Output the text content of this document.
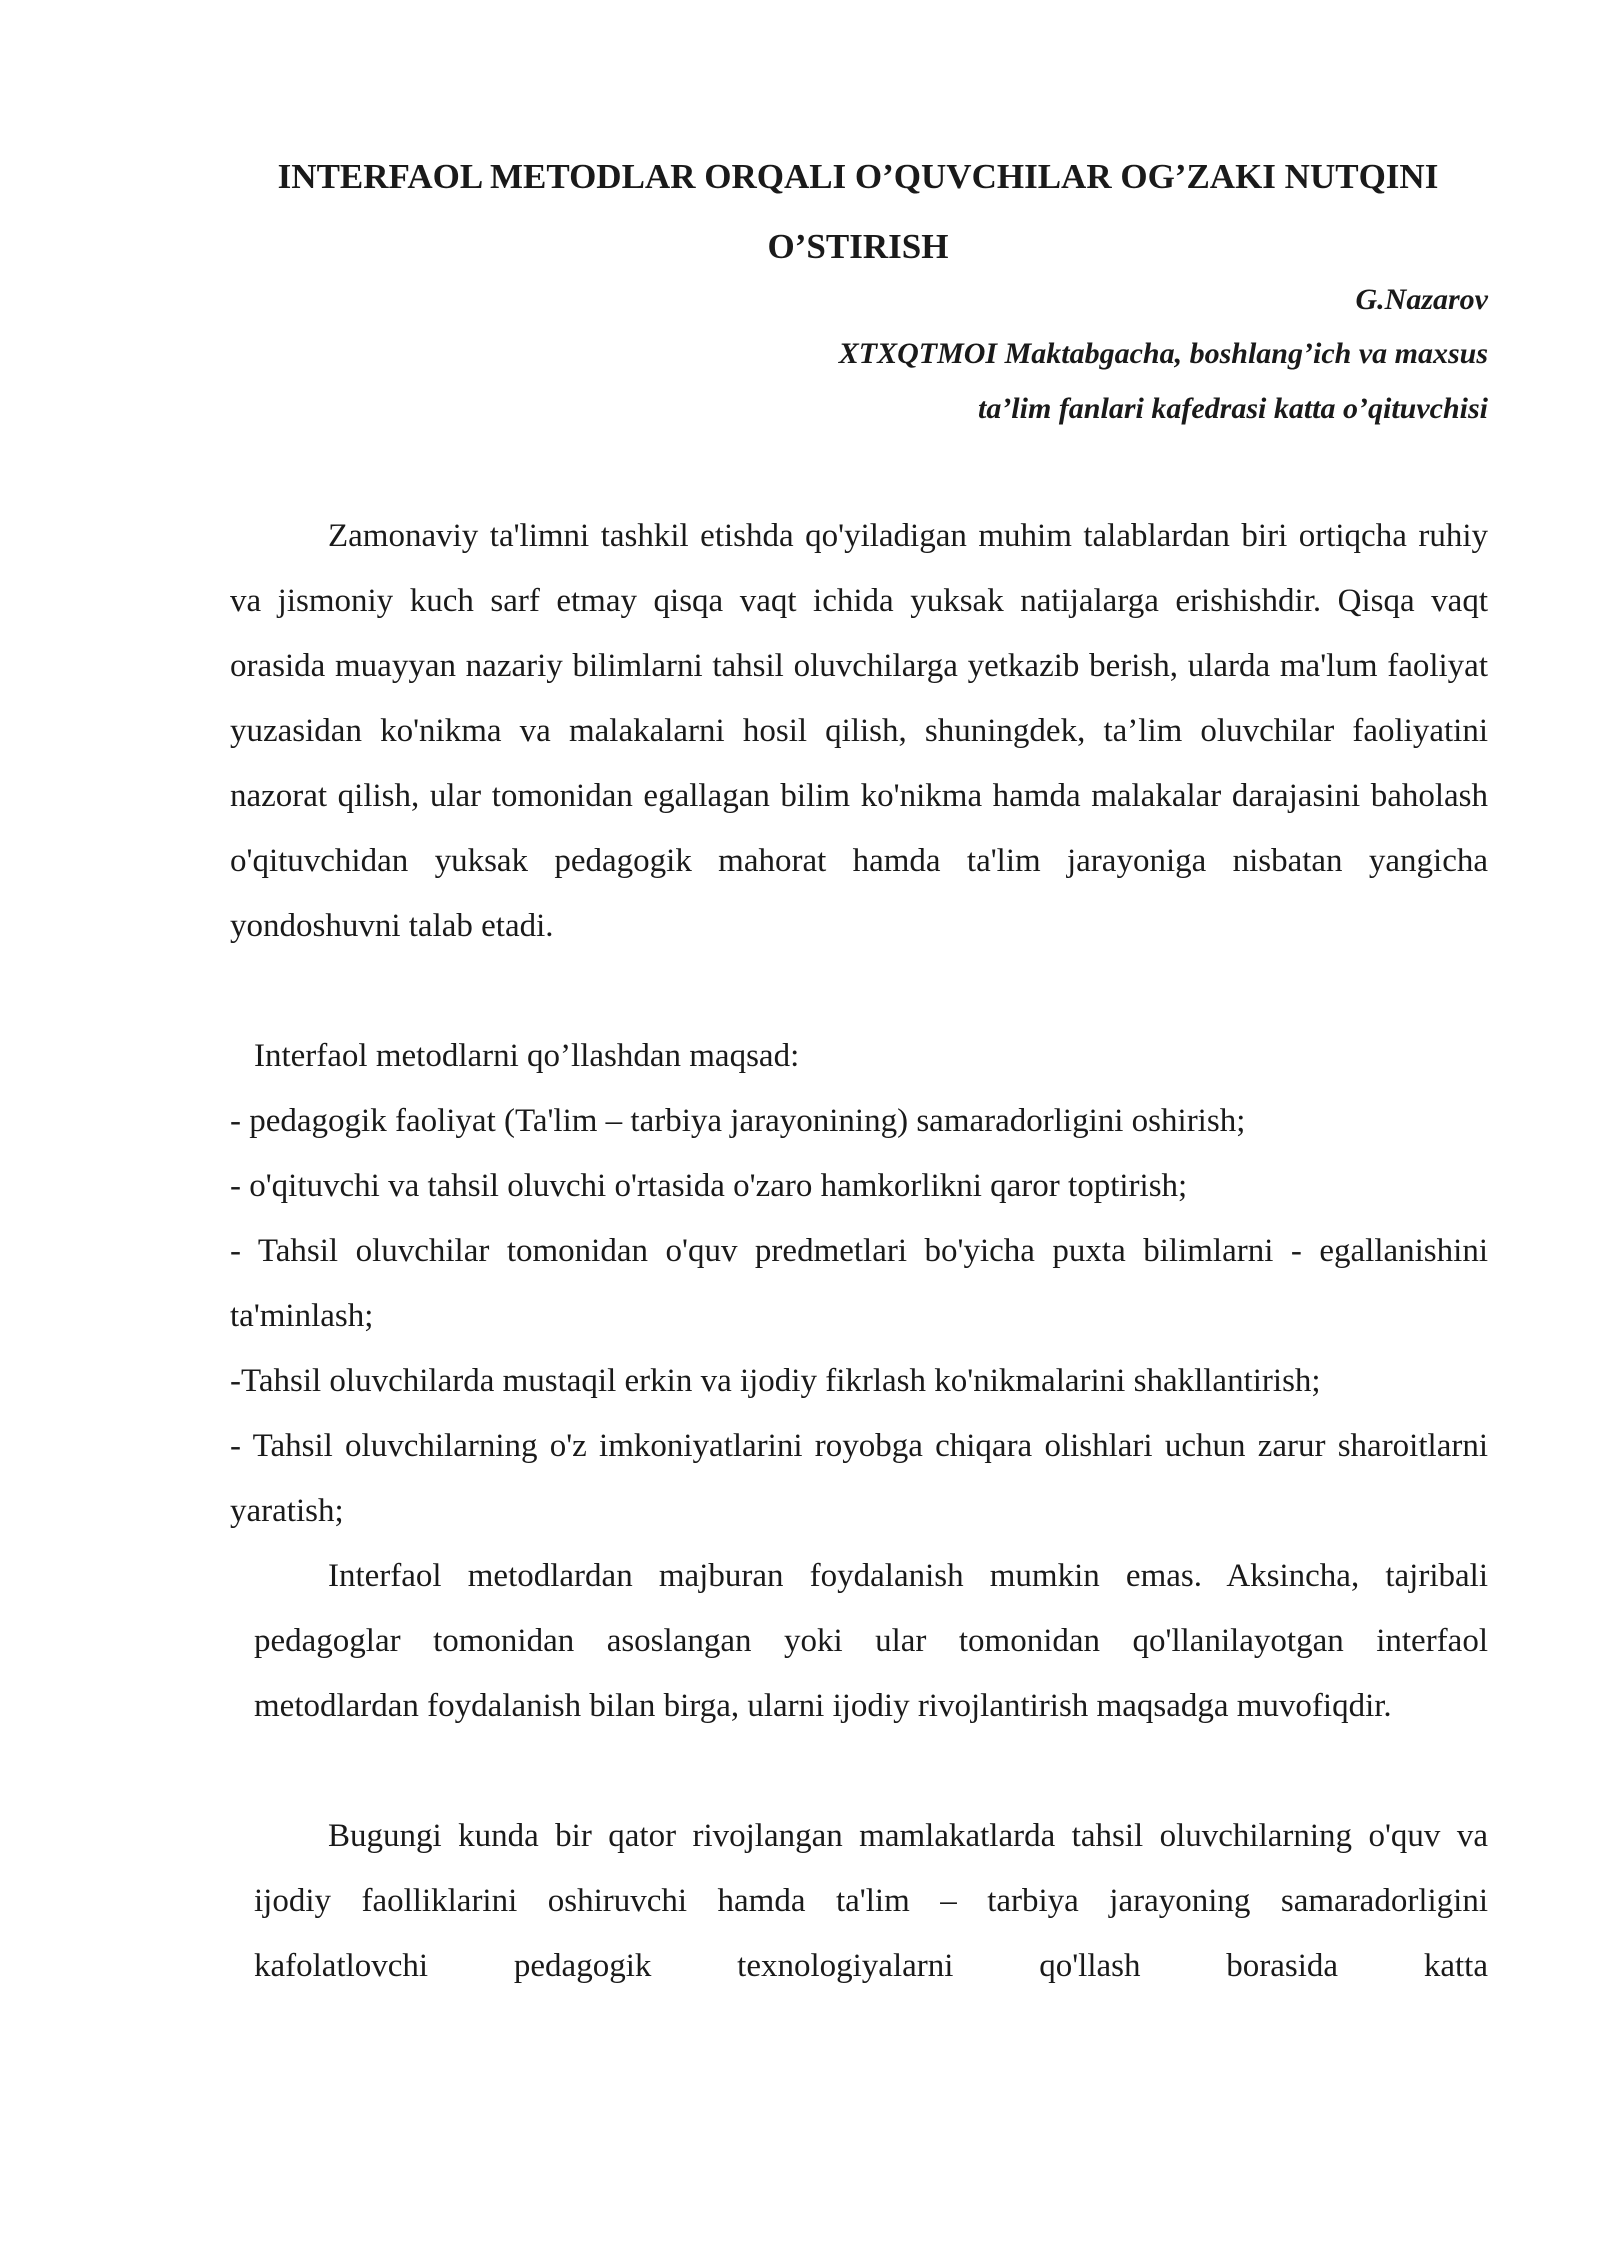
INTERFAOL METODLAR ORQALI O’QUVCHILAR OG’ZAKI NUTQINI
O’STIRISH

G.Nazarov

XTXQTMOI Maktabgacha, boshlang’ich va maxsus

ta’lim fanlari kafedrasi katta o’qituvchisi

Zamonaviy ta'limni tashkil etishda qo'yiladigan muhim talablardan biri ortiqcha ruhiy va jismoniy kuch sarf etmay qisqa vaqt ichida yuksak natijalarga erishishdir. Qisqa vaqt orasida muayyan nazariy bilimlarni tahsil oluvchilarga yetkazib berish, ularda ma'lum faoliyat yuzasidan ko'nikma va malakalarni hosil qilish, shuningdek, ta’lim oluvchilar faoliyatini nazorat qilish, ular tomonidan egallagan bilim ko'nikma hamda malakalar darajasini baholash o'qituvchidan yuksak pedagogik mahorat hamda ta'lim jarayoniga nisbatan yangicha yondoshuvni talab etadi.

Interfaol metodlarni qo’llashdan maqsad:

- pedagogik faoliyat (Ta'lim – tarbiya jarayonining) samaradorligini oshirish;

- o'qituvchi va tahsil oluvchi o'rtasida o'zaro hamkorlikni qaror toptirish;

- Tahsil oluvchilar tomonidan o'quv predmetlari bo'yicha puxta bilimlarni - egallanishini ta'minlash;

-Tahsil oluvchilarda mustaqil erkin va ijodiy fikrlash ko'nikmalarini shakllantirish;

- Tahsil oluvchilarning o'z imkoniyatlarini royobga chiqara olishlari uchun zarur sharoitlarni yaratish;

Interfaol metodlardan majburan foydalanish mumkin emas. Aksincha, tajribali pedagoglar tomonidan asoslangan yoki ular tomonidan qo'llanilayotgan interfaol metodlardan foydalanish bilan birga, ularni ijodiy rivojlantirish maqsadga muvofiqdir.

Bugungi kunda bir qator rivojlangan mamlakatlarda tahsil oluvchilarning o'quv va ijodiy faolliklarini oshiruvchi hamda ta'lim – tarbiya jarayoning samaradorligini kafolatlovchi pedagogik texnologiyalarni qo'llash borasida katta
